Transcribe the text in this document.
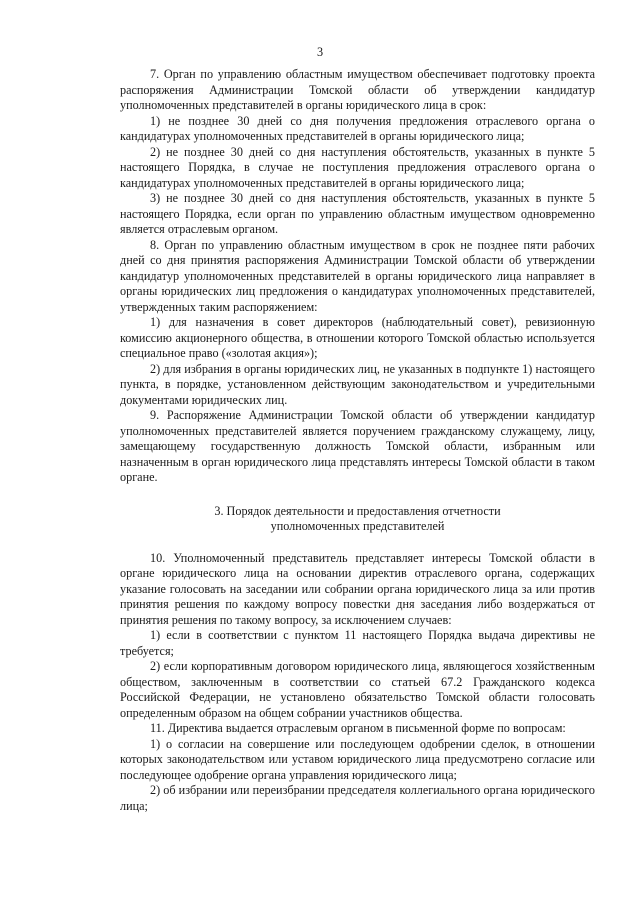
3

7. Орган по управлению областным имуществом обеспечивает подготовку проекта распоряжения Администрации Томской области об утверждении кандидатур уполномоченных представителей в органы юридического лица в срок:

1) не позднее 30 дней со дня получения предложения отраслевого органа о кандидатурах уполномоченных представителей в органы юридического лица;

2) не позднее 30 дней со дня наступления обстоятельств, указанных в пункте 5 настоящего Порядка, в случае не поступления предложения отраслевого органа о кандидатурах уполномоченных представителей в органы юридического лица;

3) не позднее 30 дней со дня наступления обстоятельств, указанных в пункте 5 настоящего Порядка, если орган по управлению областным имуществом одновременно является отраслевым органом.

8. Орган по управлению областным имуществом в срок не позднее пяти рабочих дней со дня принятия распоряжения Администрации Томской области об утверждении кандидатур уполномоченных представителей в органы юридического лица направляет в органы юридических лиц предложения о кандидатурах уполномоченных представителей, утвержденных таким распоряжением:

1) для назначения в совет директоров (наблюдательный совет), ревизионную комиссию акционерного общества, в отношении которого Томской областью используется специальное право («золотая акция»);

2) для избрания в органы юридических лиц, не указанных в подпункте 1) настоящего пункта, в порядке, установленном действующим законодательством и учредительными документами юридических лиц.

9. Распоряжение Администрации Томской области об утверждении кандидатур уполномоченных представителей является поручением гражданскому служащему, лицу, замещающему государственную должность Томской области, избранным или назначенным в орган юридического лица представлять интересы Томской области в таком органе.

3. Порядок деятельности и предоставления отчетности
уполномоченных представителей

10. Уполномоченный представитель представляет интересы Томской области в органе юридического лица на основании директив отраслевого органа, содержащих указание голосовать на заседании или собрании органа юридического лица за или против принятия решения по каждому вопросу повестки дня заседания либо воздержаться от принятия решения по такому вопросу, за исключением случаев:

1) если в соответствии с пунктом 11 настоящего Порядка выдача директивы не требуется;

2) если корпоративным договором юридического лица, являющегося хозяйственным обществом, заключенным в соответствии со статьей 67.2 Гражданского кодекса Российской Федерации, не установлено обязательство Томской области голосовать определенным образом на общем собрании участников общества.

11. Директива выдается отраслевым органом в письменной форме по вопросам:

1) о согласии на совершение или последующем одобрении сделок, в отношении которых законодательством или уставом юридического лица предусмотрено согласие или последующее одобрение органа управления юридического лица;

2) об избрании или переизбрании председателя коллегиального органа юридического лица;
